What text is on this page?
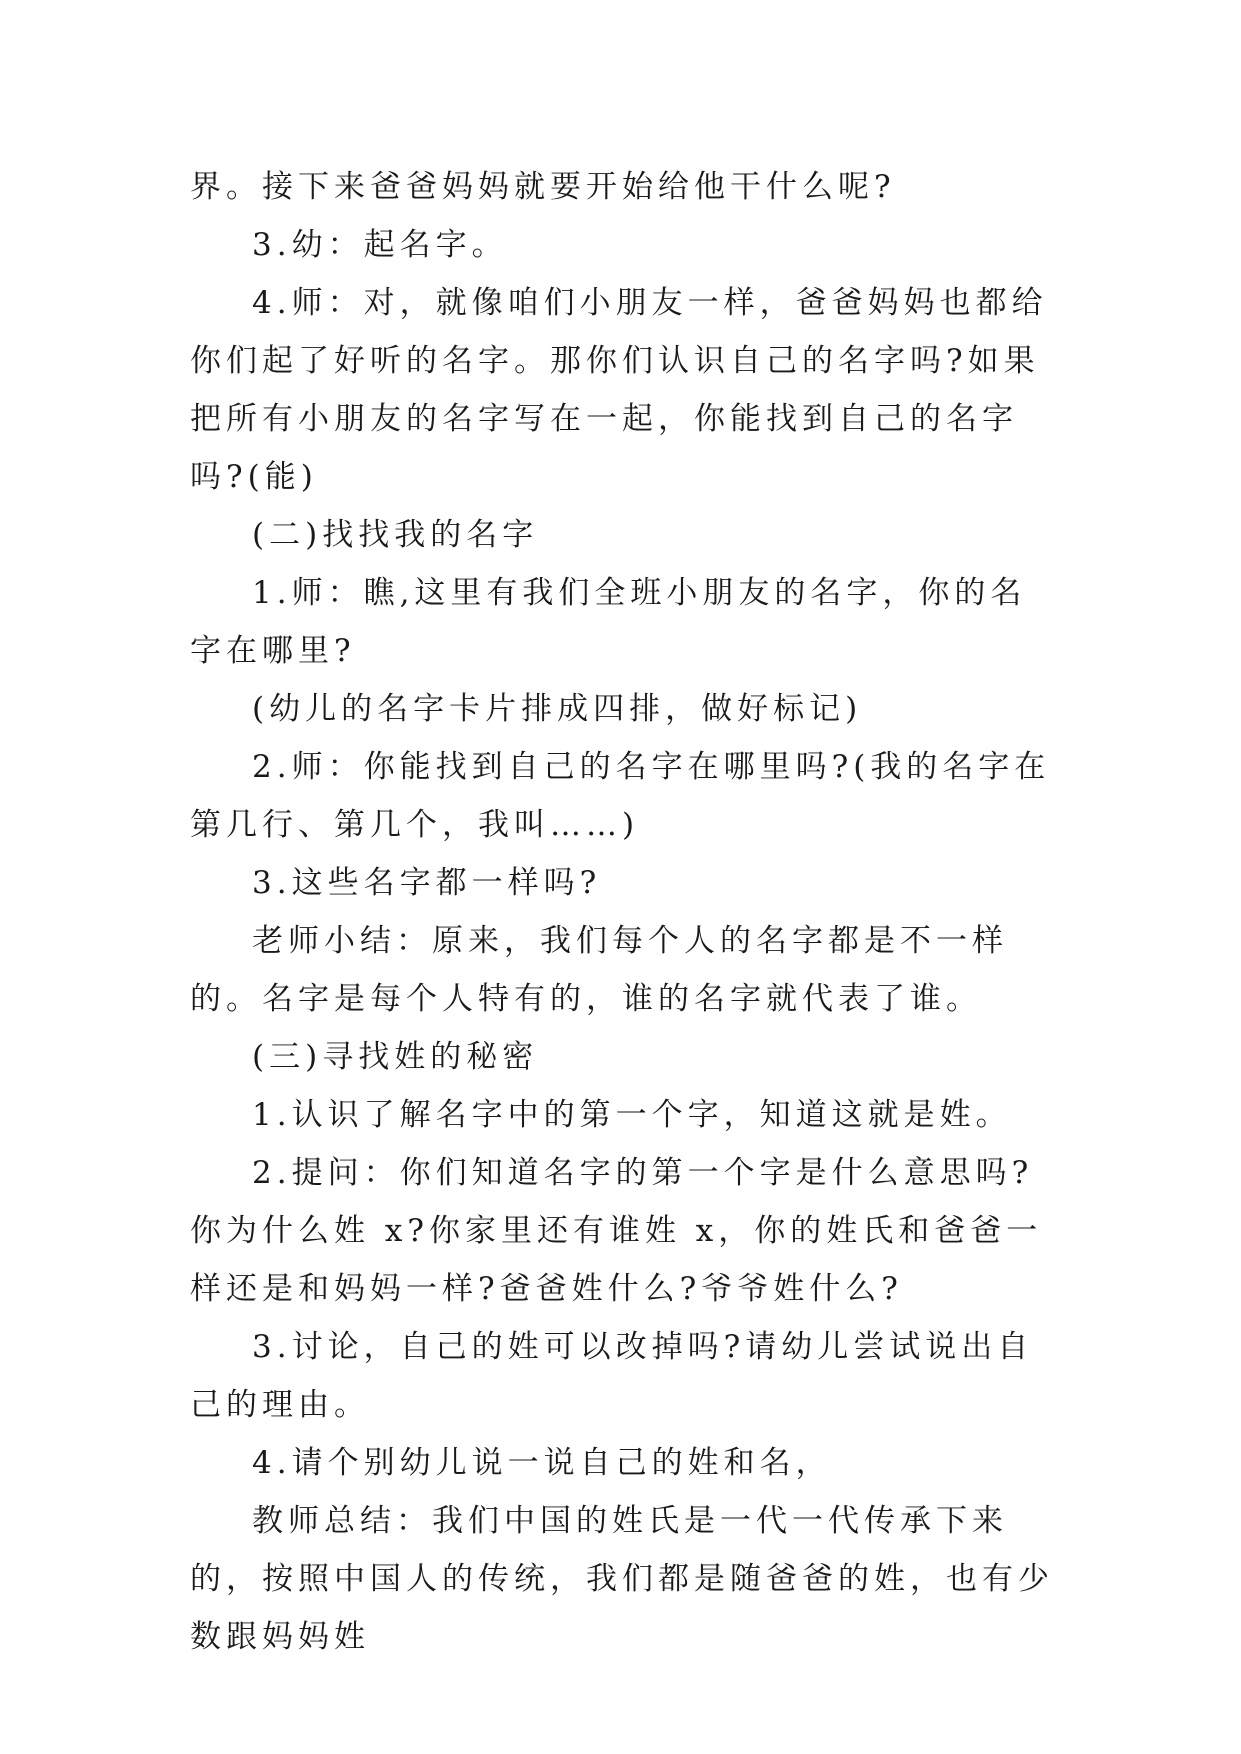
界。接下来爸爸妈妈就要开始给他干什么呢?

3.幼：起名字。

4.师：对，就像咱们小朋友一样，爸爸妈妈也都给你们起了好听的名字。那你们认识自己的名字吗?如果把所有小朋友的名字写在一起，你能找到自己的名字吗?(能)

(二)找找我的名字

1.师：瞧,这里有我们全班小朋友的名字，你的名字在哪里?

(幼儿的名字卡片排成四排，做好标记)

2.师：你能找到自己的名字在哪里吗?(我的名字在第几行、第几个，我叫……)

3.这些名字都一样吗?

老师小结：原来，我们每个人的名字都是不一样的。名字是每个人特有的，谁的名字就代表了谁。

(三)寻找姓的秘密

1.认识了解名字中的第一个字，知道这就是姓。

2.提问：你们知道名字的第一个字是什么意思吗?你为什么姓 x?你家里还有谁姓 x，你的姓氏和爸爸一样还是和妈妈一样?爸爸姓什么?爷爷姓什么?

3.讨论，自己的姓可以改掉吗?请幼儿尝试说出自己的理由。

4.请个别幼儿说一说自己的姓和名，

教师总结：我们中国的姓氏是一代一代传承下来的，按照中国人的传统，我们都是随爸爸的姓，也有少数跟妈妈姓
